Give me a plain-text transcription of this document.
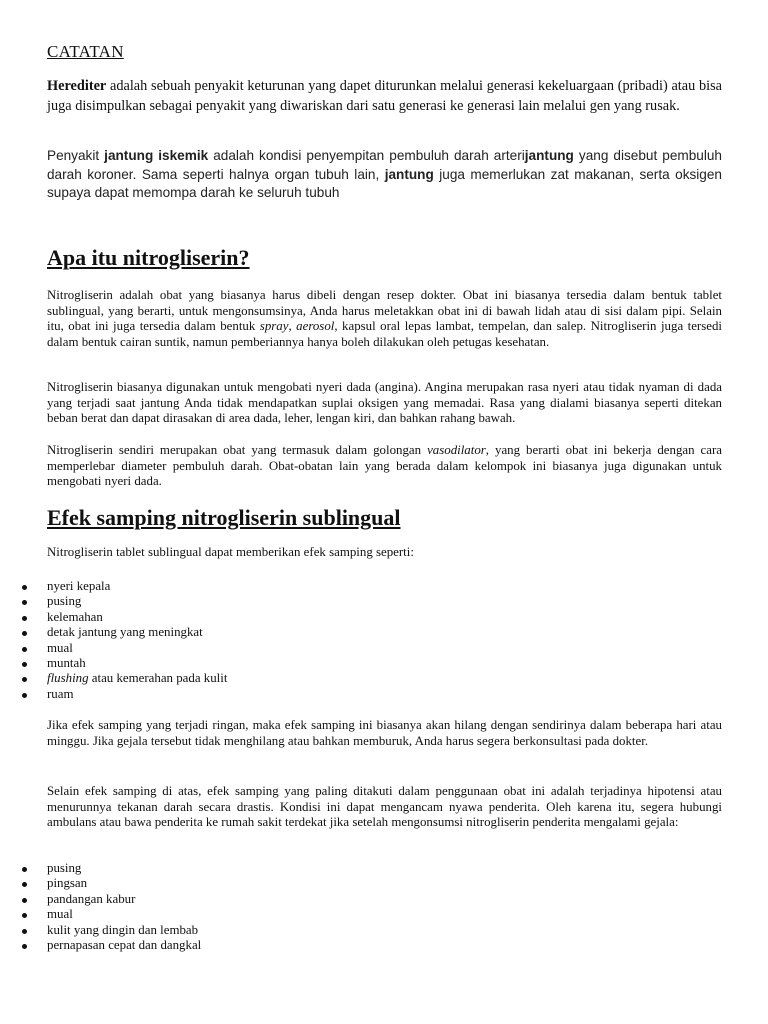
CATATAN

Herediter adalah sebuah penyakit keturunan yang dapet diturunkan melalui generasi kekeluargaan (pribadi) atau bisa juga disimpulkan sebagai penyakit yang diwariskan dari satu generasi ke generasi lain melalui gen yang rusak.

Penyakit jantung iskemik adalah kondisi penyempitan pembuluh darah arterijantung yang disebut pembuluh darah koroner. Sama seperti halnya organ tubuh lain, jantung juga memerlukan zat makanan, serta oksigen supaya dapat memompa darah ke seluruh tubuh

Apa itu nitrogliserin?

Nitrogliserin adalah obat yang biasanya harus dibeli dengan resep dokter. Obat ini biasanya tersedia dalam bentuk tablet sublingual, yang berarti, untuk mengonsumsinya, Anda harus meletakkan obat ini di bawah lidah atau di sisi dalam pipi. Selain itu, obat ini juga tersedia dalam bentuk spray, aerosol, kapsul oral lepas lambat, tempelan, dan salep. Nitrogliserin juga tersedi dalam bentuk cairan suntik, namun pemberiannya hanya boleh dilakukan oleh petugas kesehatan.

Nitrogliserin biasanya digunakan untuk mengobati nyeri dada (angina). Angina merupakan rasa nyeri atau tidak nyaman di dada yang terjadi saat jantung Anda tidak mendapatkan suplai oksigen yang memadai. Rasa yang dialami biasanya seperti ditekan beban berat dan dapat dirasakan di area dada, leher, lengan kiri, dan bahkan rahang bawah.

Nitrogliserin sendiri merupakan obat yang termasuk dalam golongan vasodilator, yang berarti obat ini bekerja dengan cara memperlebar diameter pembuluh darah. Obat-obatan lain yang berada dalam kelompok ini biasanya juga digunakan untuk mengobati nyeri dada.

Efek samping nitrogliserin sublingual

Nitrogliserin tablet sublingual dapat memberikan efek samping seperti:

nyeri kepala
pusing
kelemahan
detak jantung yang meningkat
mual
muntah
flushing atau kemerahan pada kulit
ruam

Jika efek samping yang terjadi ringan, maka efek samping ini biasanya akan hilang dengan sendirinya dalam beberapa hari atau minggu. Jika gejala tersebut tidak menghilang atau bahkan memburuk, Anda harus segera berkonsultasi pada dokter.

Selain efek samping di atas, efek samping yang paling ditakuti dalam penggunaan obat ini adalah terjadinya hipotensi atau menurunnya tekanan darah secara drastis. Kondisi ini dapat mengancam nyawa penderita. Oleh karena itu, segera hubungi ambulans atau bawa penderita ke rumah sakit terdekat jika setelah mengonsumsi nitrogliserin penderita mengalami gejala:

pusing
pingsan
pandangan kabur
mual
kulit yang dingin dan lembab
pernapasan cepat dan dangkal
